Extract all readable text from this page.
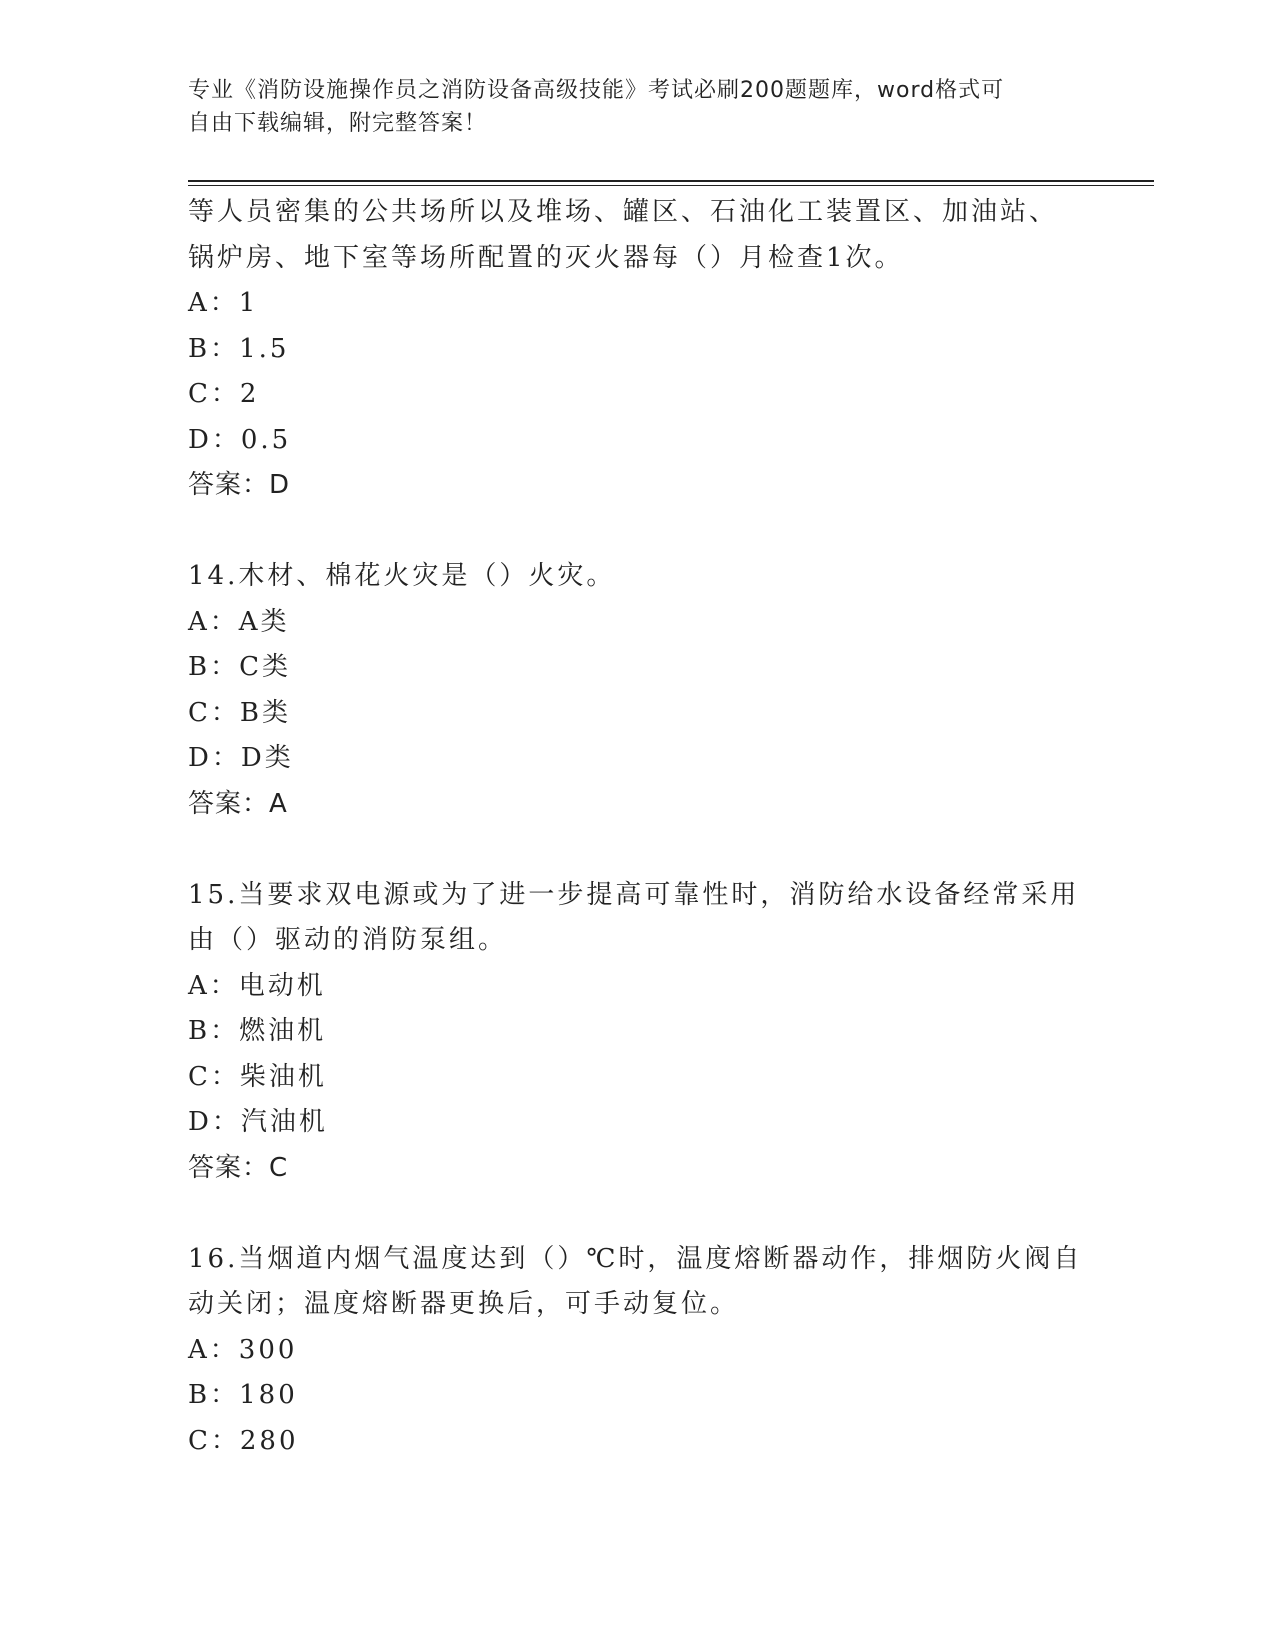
专业《消防设施操作员之消防设备高级技能》考试必刷200题题库，word格式可
自由下载编辑，附完整答案！
等人员密集的公共场所以及堆场、罐区、石油化工装置区、加油站、
锅炉房、地下室等场所配置的灭火器每（）月检查1次。
A：1
B：1.5
C：2
D：0.5
答案：D
14.木材、棉花火灾是（）火灾。
A：A类
B：C类
C：B类
D：D类
答案：A
15.当要求双电源或为了进一步提高可靠性时，消防给水设备经常采用
由（）驱动的消防泵组。
A：电动机
B：燃油机
C：柴油机
D：汽油机
答案：C
16.当烟道内烟气温度达到（）℃时，温度熔断器动作，排烟防火阀自
动关闭；温度熔断器更换后，可手动复位。
A：300
B：180
C：280
